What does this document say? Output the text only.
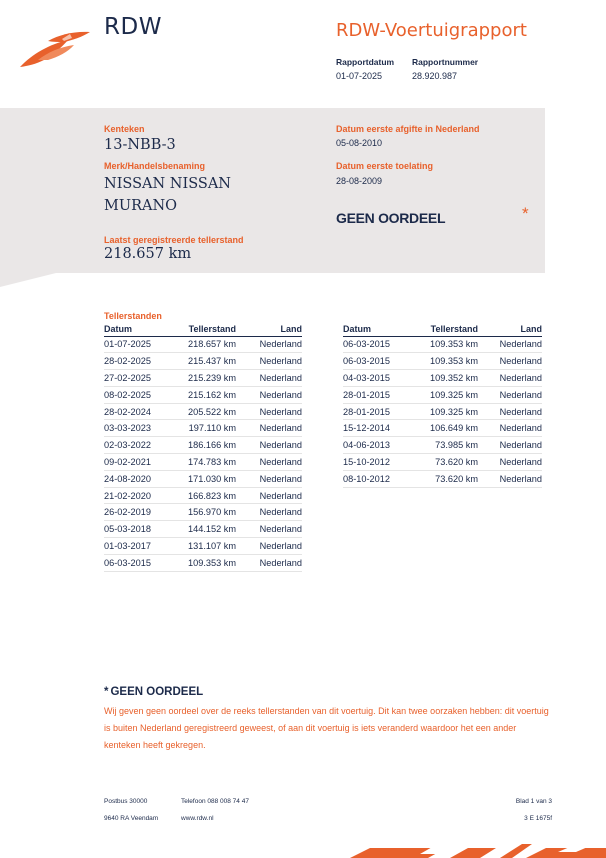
RDW	RDW-Voertuigrapport
Rapportdatum
01-07-2025
Rapportnummer
28.920.987
Kenteken
13-NBB-3
Merk/Handelsbenaming
NISSAN NISSAN
MURANO
Laatst geregistreerde tellerstand
218.657 km
Datum eerste afgifte in Nederland
05-08-2010
Datum eerste toelating
28-08-2009
GEEN OORDEEL	*
Tellerstanden
Datum	Tellerstand	Land
01-07-2025	218.657 km	Nederland
28-02-2025	215.437 km	Nederland
27-02-2025	215.239 km	Nederland
08-02-2025	215.162 km	Nederland
28-02-2024	205.522 km	Nederland
03-03-2023	197.110 km	Nederland
02-03-2022	186.166 km	Nederland
09-02-2021	174.783 km	Nederland
24-08-2020	171.030 km	Nederland
21-02-2020	166.823 km	Nederland
26-02-2019	156.970 km	Nederland
05-03-2018	144.152 km	Nederland
01-03-2017	131.107 km	Nederland
06-03-2015	109.353 km	Nederland
Datum	Tellerstand	Land
06-03-2015	109.353 km	Nederland
06-03-2015	109.353 km	Nederland
04-03-2015	109.352 km	Nederland
28-01-2015	109.325 km	Nederland
28-01-2015	109.325 km	Nederland
15-12-2014	106.649 km	Nederland
04-06-2013	73.985 km	Nederland
15-10-2012	73.620 km	Nederland
08-10-2012	73.620 km	Nederland
* GEEN OORDEEL
Wij geven geen oordeel over de reeks tellerstanden van dit voertuig. Dit kan twee oorzaken hebben: dit voertuig is buiten Nederland geregistreerd geweest, of aan dit voertuig is iets veranderd waardoor het een ander kenteken heeft gekregen.
Postbus 30000
9640 RA Veendam
Telefoon 088 008 74 47
www.rdw.nl
Blad 1 van 3
3 E 1675f
